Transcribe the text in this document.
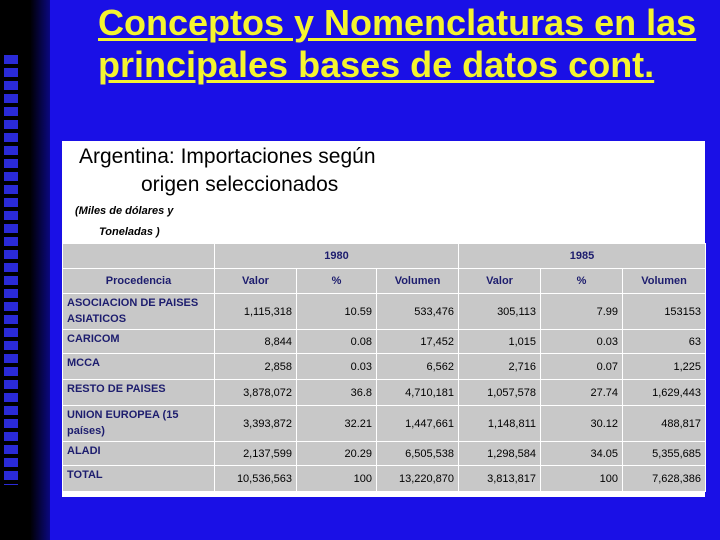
Conceptos y Nomenclaturas en las principales bases de datos cont.
Argentina: Importaciones según
origen seleccionados
(Miles de dólares y
Toneladas )
	1980			1985		
Procedencia	Valor	%	Volumen	Valor	%	Volumen
ASOCIACION DE PAISES ASIATICOS	1,115,318	10.59	533,476	305,113	7.99	153153
CARICOM	8,844	0.08	17,452	1,015	0.03	63
MCCA	2,858	0.03	6,562	2,716	0.07	1,225
RESTO DE PAISES	3,878,072	36.8	4,710,181	1,057,578	27.74	1,629,443
UNION EUROPEA (15 países)	3,393,872	32.21	1,447,661	1,148,811	30.12	488,817
ALADI	2,137,599	20.29	6,505,538	1,298,584	34.05	5,355,685
TOTAL	10,536,563	100	13,220,870	3,813,817	100	7,628,386
